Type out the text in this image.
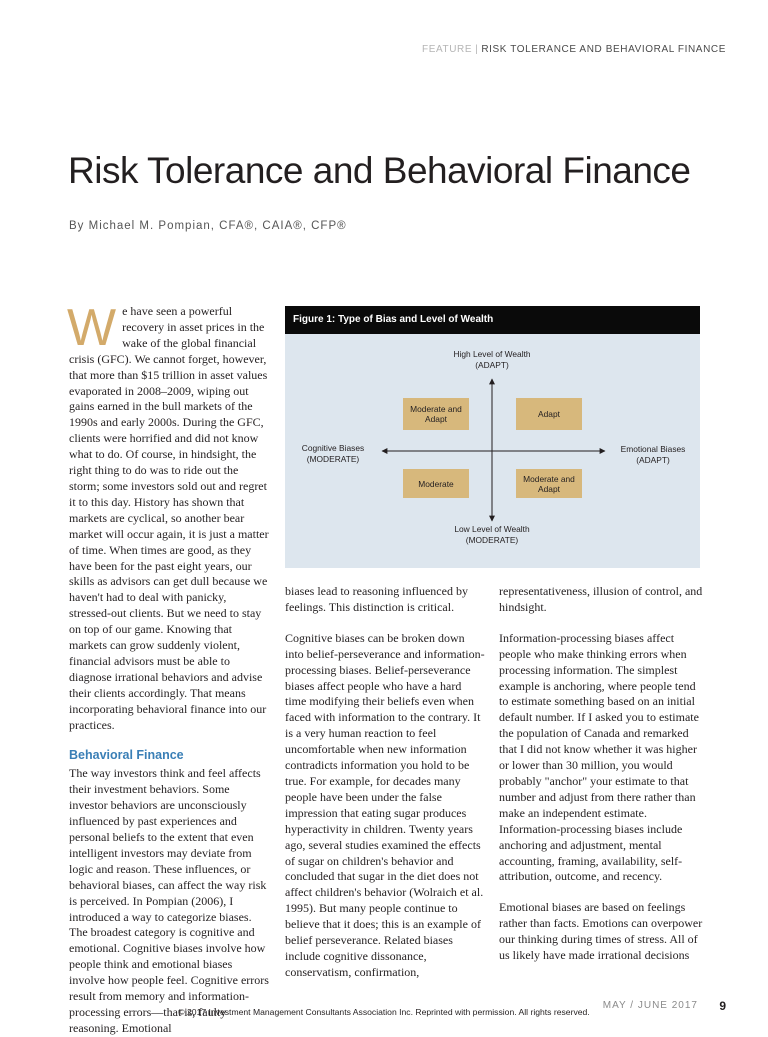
FEATURE | RISK TOLERANCE AND BEHAVIORAL FINANCE
Risk Tolerance and Behavioral Finance
By Michael M. Pompian, CFA®, CAIA®, CFP®

We have seen a powerful recovery in asset prices in the wake of the global financial crisis (GFC). We cannot forget, however, that more than $15 trillion in asset values evaporated in 2008–2009, wiping out gains earned in the bull markets of the 1990s and early 2000s. During the GFC, clients were horrified and did not know what to do. Of course, in hindsight, the right thing to do was to ride out the storm; some investors sold out and regret it to this day. History has shown that markets are cyclical, so another bear market will occur again, it is just a matter of time. When times are good, as they have been for the past eight years, our skills as advisors can get dull because we haven't had to deal with panicky, stressed-out clients. But we need to stay on top of our game. Knowing that markets can grow suddenly violent, financial advisors must be able to diagnose irrational behaviors and advise their clients accordingly. That means incorporating behavioral finance into our practices.

Behavioral Finance

The way investors think and feel affects their investment behaviors. Some investor behaviors are unconsciously influenced by past experiences and personal beliefs to the extent that even intelligent investors may deviate from logic and reason. These influences, or behavioral biases, can affect the way risk is perceived. In Pompian (2006), I introduced a way to categorize biases. The broadest category is cognitive and emotional. Cognitive biases involve how people think and emotional biases involve how people feel. Cognitive errors result from memory and information-processing errors—that is, faulty reasoning. Emotional

Figure 1: Type of Bias and Level of Wealth
High Level of Wealth
(ADAPT)
Low Level of Wealth
(MODERATE)
Cognitive Biases
(MODERATE)
Emotional Biases
(ADAPT)
Moderate and
Adapt	Adapt
Moderate	Moderate and
Adapt

biases lead to reasoning influenced by feelings. This distinction is critical.

Cognitive biases can be broken down into belief-perseverance and information-processing biases. Belief-perseverance biases affect people who have a hard time modifying their beliefs even when faced with information to the contrary. It is a very human reaction to feel uncomfortable when new information contradicts information you hold to be true. For example, for decades many people have been under the false impression that eating sugar produces hyperactivity in children. Twenty years ago, several studies examined the effects of sugar on children's behavior and concluded that sugar in the diet does not affect children's behavior (Wolraich et al. 1995). But many people continue to believe that it does; this is an example of belief perseverance. Related biases include cognitive dissonance, conservatism, confirmation,

representativeness, illusion of control, and hindsight.

Information-processing biases affect people who make thinking errors when processing information. The simplest example is anchoring, where people tend to estimate something based on an initial default number. If I asked you to estimate the population of Canada and remarked that I did not know whether it was higher or lower than 30 million, you would probably "anchor" your estimate to that number and adjust from there rather than make an independent estimate. Information-processing biases include anchoring and adjustment, mental accounting, framing, availability, self-attribution, outcome, and recency.

Emotional biases are based on feelings rather than facts. Emotions can overpower our thinking during times of stress. All of us likely have made irrational decisions

MAY / JUNE 2017 9
© 2017 Investment Management Consultants Association Inc. Reprinted with permission. All rights reserved.
